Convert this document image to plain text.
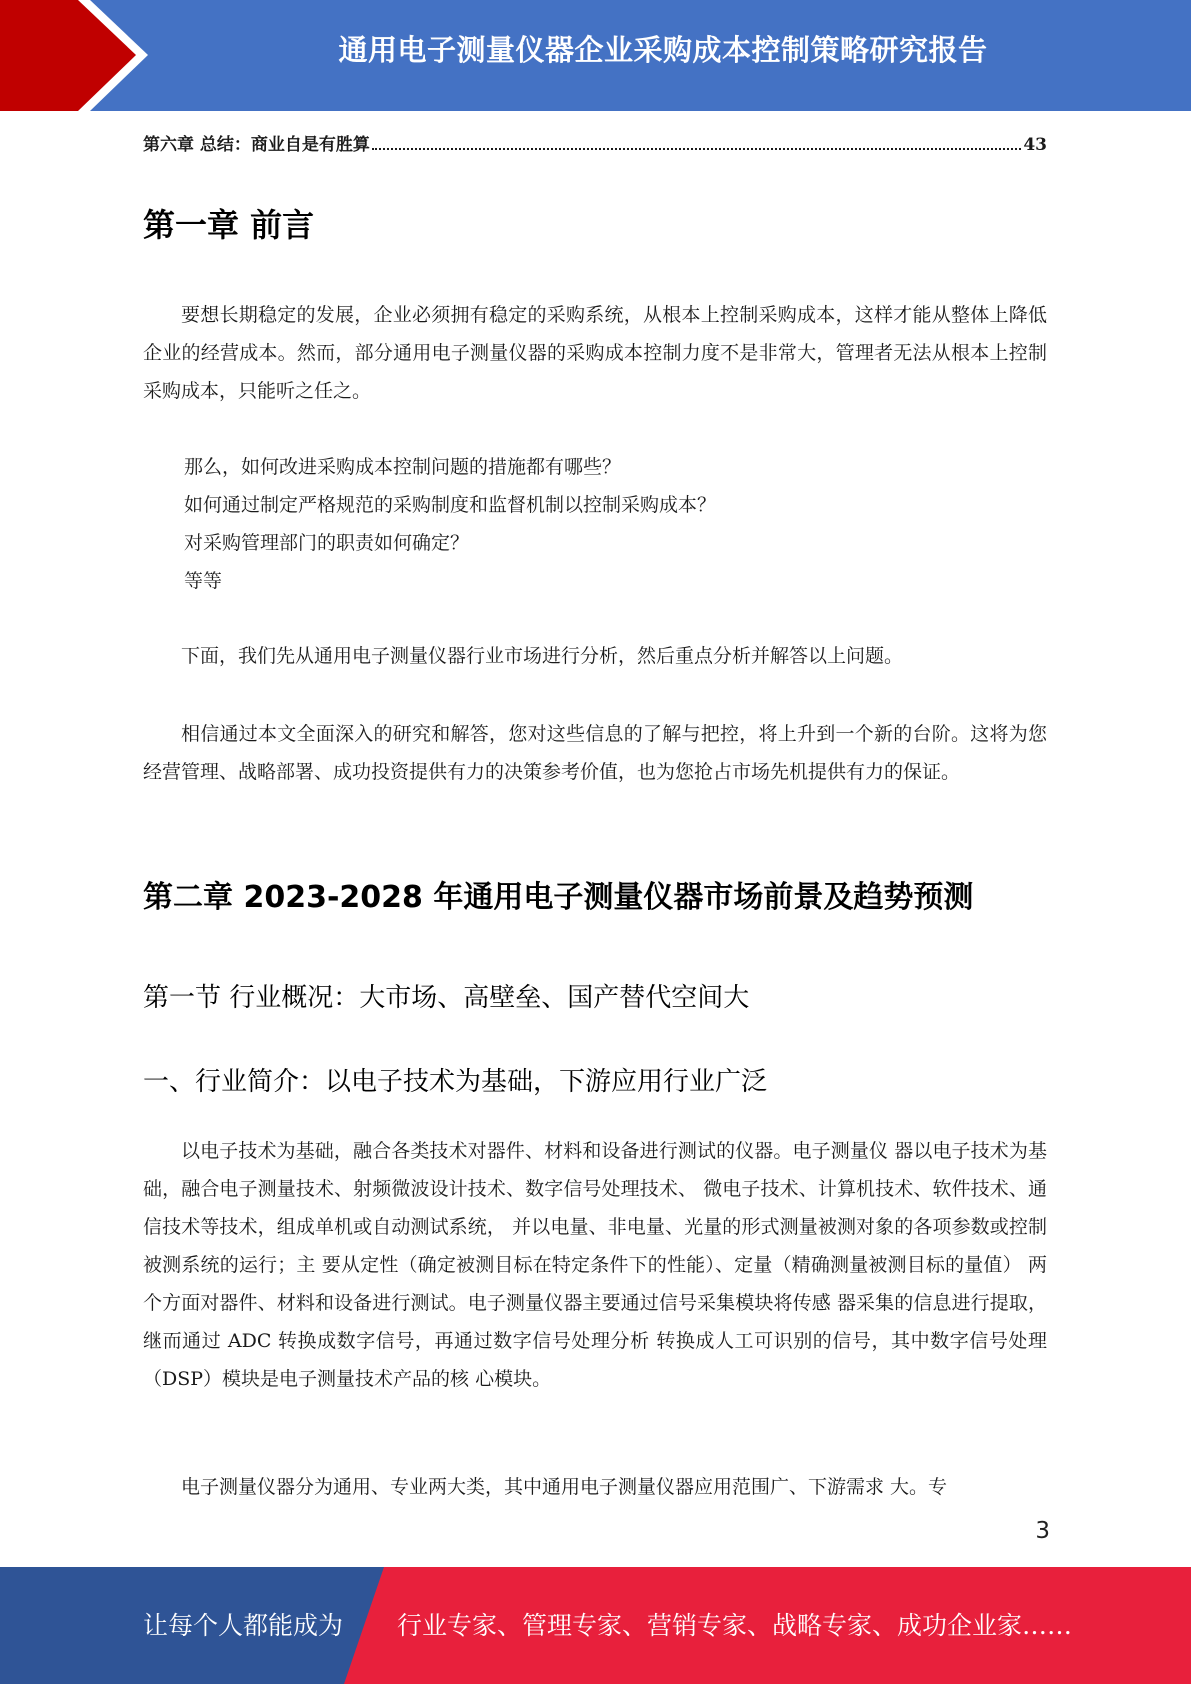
通用电子测量仪器企业采购成本控制策略研究报告
第六章 总结：商业自是有胜算	43
第一章 前言

要想长期稳定的发展，企业必须拥有稳定的采购系统，从根本上控制采购成本，这样才能从整体上降低企业的经营成本。然而，部分通用电子测量仪器的采购成本控制力度不是非常大，管理者无法从根本上控制采购成本，只能听之任之。

那么，如何改进采购成本控制问题的措施都有哪些？

如何通过制定严格规范的采购制度和监督机制以控制采购成本？

对采购管理部门的职责如何确定？

等等

下面，我们先从通用电子测量仪器行业市场进行分析，然后重点分析并解答以上问题。

相信通过本文全面深入的研究和解答，您对这些信息的了解与把控，将上升到一个新的台阶。这将为您经营管理、战略部署、成功投资提供有力的决策参考价值，也为您抢占市场先机提供有力的保证。

第二章 2023-2028 年通用电子测量仪器市场前景及趋势预测
第一节 行业概况：大市场、高壁垒、国产替代空间大
一、行业简介：以电子技术为基础，下游应用行业广泛

以电子技术为基础，融合各类技术对器件、材料和设备进行测试的仪器。电子测量仪 器以电子技术为基础，融合电子测量技术、射频微波设计技术、数字信号处理技术、 微电子技术、计算机技术、软件技术、通信技术等技术，组成单机或自动测试系统， 并以电量、非电量、光量的形式测量被测对象的各项参数或控制被测系统的运行；主 要从定性（确定被测目标在特定条件下的性能）、定量（精确测量被测目标的量值） 两个方面对器件、材料和设备进行测试。电子测量仪器主要通过信号采集模块将传感 器采集的信息进行提取，继而通过 ADC 转换成数字信号，再通过数字信号处理分析 转换成人工可识别的信号，其中数字信号处理（DSP）模块是电子测量技术产品的核 心模块。

电子测量仪器分为通用、专业两大类，其中通用电子测量仪器应用范围广、下游需求 大。专

3
让每个人都能成为 行业专家、管理专家、营销专家、战略专家、成功企业家……
